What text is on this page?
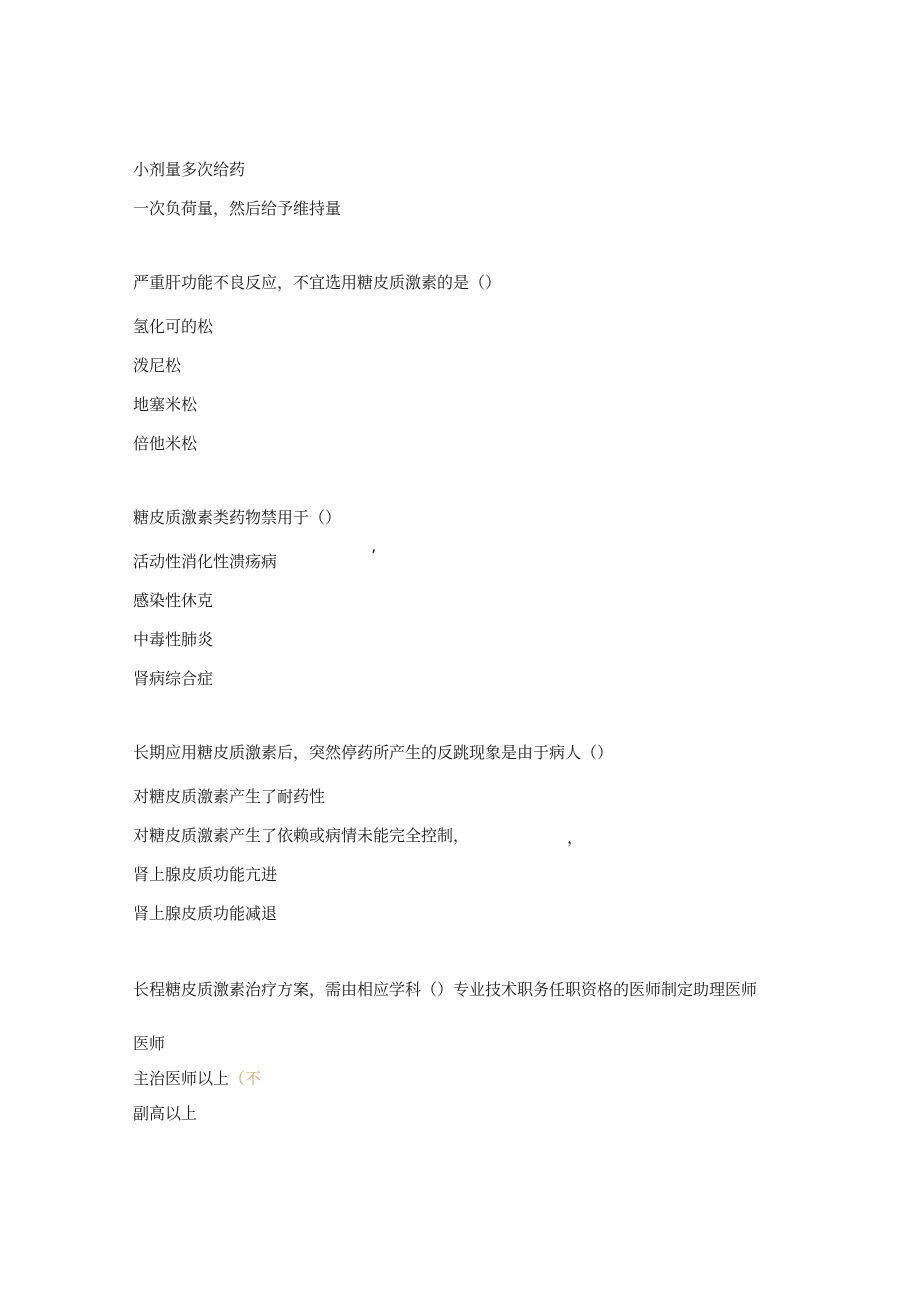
小剂量多次给药
一次负荷量，然后给予维持量
严重肝功能不良反应，不宜选用糖皮质激素的是（）
氢化可的松
泼尼松
地塞米松
倍他米松
糖皮质激素类药物禁用于（）
活动性消化性溃疡病	’
感染性休克
中毒性肺炎
肾病综合症
长期应用糖皮质激素后，突然停药所产生的反跳现象是由于病人（）
对糖皮质激素产生了耐药性
对糖皮质激素产生了依赖或病情未能完全控制，	，
肾上腺皮质功能亢进
肾上腺皮质功能减退
长程糖皮质激素治疗方案，需由相应学科（）专业技术职务任职资格的医师制定助理医师
医师
主治医师以上（不
副高以上
